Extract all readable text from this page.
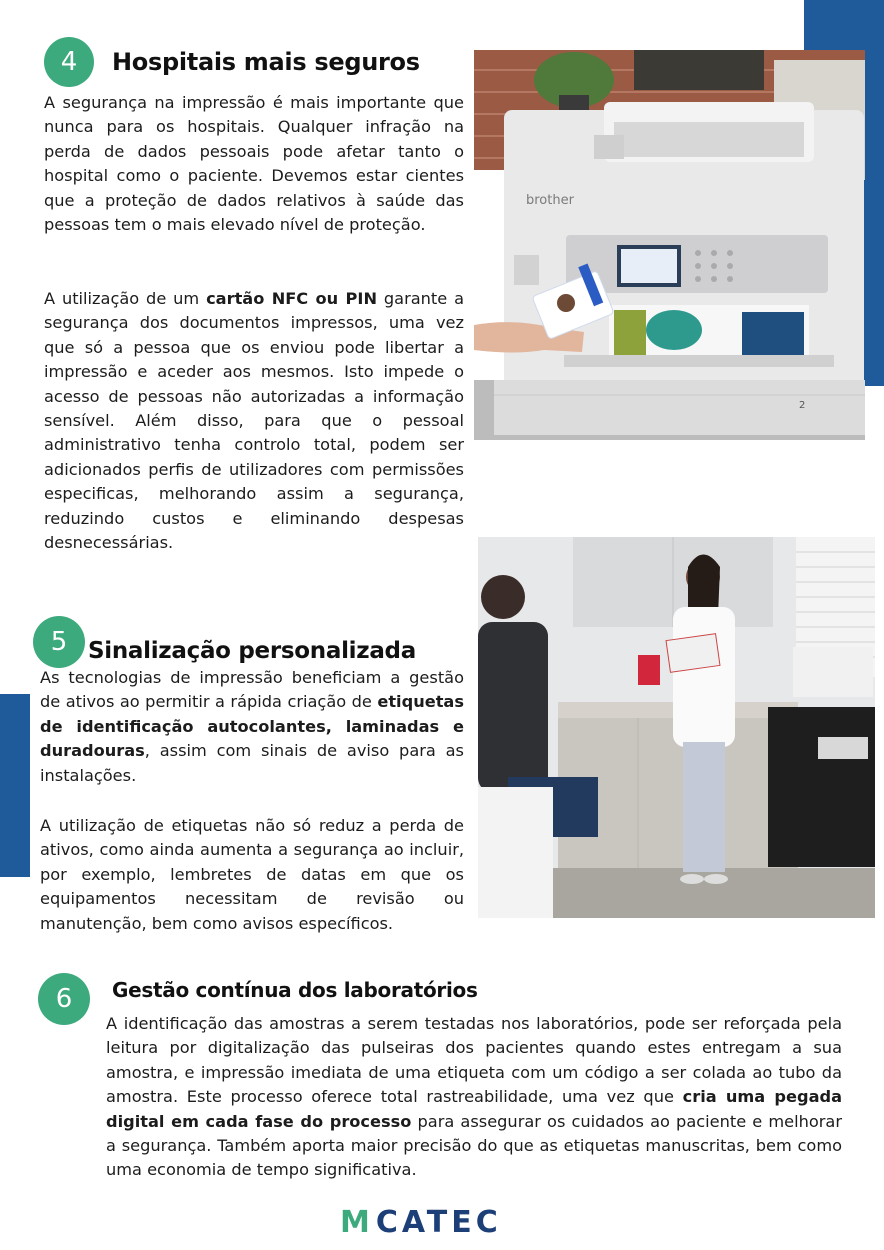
4	Hospitais mais seguros

A segurança na impressão é mais importante que nunca para os hospitais. Qualquer infração na perda de dados pessoais pode afetar tanto o hospital como o paciente. Devemos estar cientes que a proteção de dados relativos à saúde das pessoas tem o mais elevado nível de proteção.

A utilização de um cartão NFC ou PIN garante a segurança dos documentos impressos, uma vez que só a pessoa que os enviou pode libertar a impressão e aceder aos mesmos. Isto impede o acesso de pessoas não autorizadas a informação sensível. Além disso, para que o pessoal administrativo tenha controlo total, podem ser adicionados perfis de utilizadores com permissões especificas, melhorando assim a segurança, reduzindo custos e eliminando despesas desnecessárias.

brother
2
5 Sinalização personalizada

As tecnologias de impressão beneficiam a gestão de ativos ao permitir a rápida criação de etiquetas de identificação autocolantes, laminadas e duradouras, assim com sinais de aviso para as instalações.

A utilização de etiquetas não só reduz a perda de ativos, como ainda aumenta a segurança ao incluir, por exemplo, lembretes de datas em que os equipamentos necessitam de revisão ou manutenção, bem como avisos específicos.

6	Gestão contínua dos laboratórios

A identificação das amostras a serem testadas nos laboratórios, pode ser reforçada pela leitura por digitalização das pulseiras dos pacientes quando estes entregam a sua amostra, e impressão imediata de uma etiqueta com um código a ser colada ao tubo da amostra. Este processo oferece total rastreabilidade, uma vez que cria uma pegada digital em cada fase do processo para assegurar os cuidados ao paciente e melhorar a segurança. Também aporta maior precisão do que as etiquetas manuscritas, bem como uma economia de tempo significativa.

M CATEC
